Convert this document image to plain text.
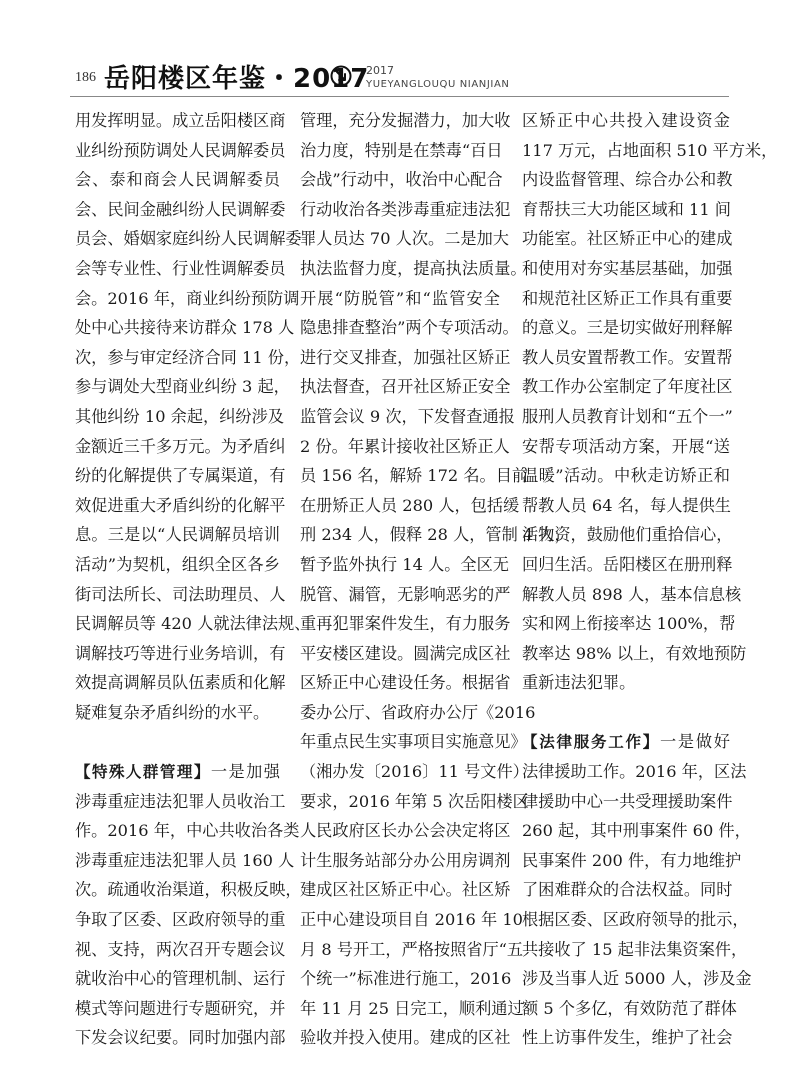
186 岳阳楼区年鉴・2017
2017
YUEYANGLOUQU NIANJIAN
用发挥明显。成立岳阳楼区商
业纠纷预防调处人民调解委员
会、泰和商会人民调解委员
会、民间金融纠纷人民调解委
员会、婚姻家庭纠纷人民调解委
会等专业性、行业性调解委员
会。2016 年，商业纠纷预防调
处中心共接待来访群众 178 人
次，参与审定经济合同 11 份，
参与调处大型商业纠纷 3 起，
其他纠纷 10 余起，纠纷涉及
金额近三千多万元。为矛盾纠
纷的化解提供了专属渠道，有
效促进重大矛盾纠纷的化解平
息。三是以“人民调解员培训
活动”为契机，组织全区各乡
街司法所长、司法助理员、人
民调解员等 420 人就法律法规、
调解技巧等进行业务培训，有
效提高调解员队伍素质和化解
疑难复杂矛盾纠纷的水平。
【特殊人群管理】一是加强
涉毒重症违法犯罪人员收治工
作。2016 年，中心共收治各类
涉毒重症违法犯罪人员 160 人
次。疏通收治渠道，积极反映，
争取了区委、区政府领导的重
视、支持，两次召开专题会议
就收治中心的管理机制、运行
模式等问题进行专题研究，并
下发会议纪要。同时加强内部
管理，充分发掘潜力，加大收
治力度，特别是在禁毒“百日
会战”行动中，收治中心配合
行动收治各类涉毒重症违法犯
罪人员达 70 人次。二是加大
执法监督力度，提高执法质量。
开展“防脱管”和“监管安全
隐患排查整治”两个专项活动。
进行交叉排查，加强社区矫正
执法督查，召开社区矫正安全
监管会议 9 次，下发督查通报
2 份。年累计接收社区矫正人
员 156 名，解矫 172 名。目前
在册矫正人员 280 人，包括缓
刑 234 人，假释 28 人，管制 4 人，
暂予监外执行 14 人。全区无
脱管、漏管，无影响恶劣的严
重再犯罪案件发生，有力服务
平安楼区建设。圆满完成区社
区矫正中心建设任务。根据省
委办公厅、省政府办公厅《2016
年重点民生实事项目实施意见》
（湘办发〔2016〕11 号文件）
要求，2016 年第 5 次岳阳楼区
人民政府区长办公会决定将区
计生服务站部分办公用房调剂
建成区社区矫正中心。社区矫
正中心建设项目自 2016 年 10
月 8 号开工，严格按照省厅“五
个统一”标准进行施工，2016
年 11 月 25 日完工，顺利通过
验收并投入使用。建成的区社
区矫正中心共投入建设资金
117 万元，占地面积 510 平方米，
内设监督管理、综合办公和教
育帮扶三大功能区域和 11 间
功能室。社区矫正中心的建成
和使用对夯实基层基础，加强
和规范社区矫正工作具有重要
的意义。三是切实做好刑释解
教人员安置帮教工作。安置帮
教工作办公室制定了年度社区
服刑人员教育计划和“五个一”
安帮专项活动方案，开展“送
温暖”活动。中秋走访矫正和
帮教人员 64 名，每人提供生
活物资，鼓励他们重拾信心，
回归生活。岳阳楼区在册刑释
解教人员 898 人，基本信息核
实和网上衔接率达 100%，帮
教率达 98% 以上，有效地预防
重新违法犯罪。
【法律服务工作】一是做好
法律援助工作。2016 年，区法
律援助中心一共受理援助案件
260 起，其中刑事案件 60 件，
民事案件 200 件，有力地维护
了困难群众的合法权益。同时
根据区委、区政府领导的批示，
共接收了 15 起非法集资案件，
涉及当事人近 5000 人，涉及金
额 5 个多亿，有效防范了群体
性上访事件发生，维护了社会
